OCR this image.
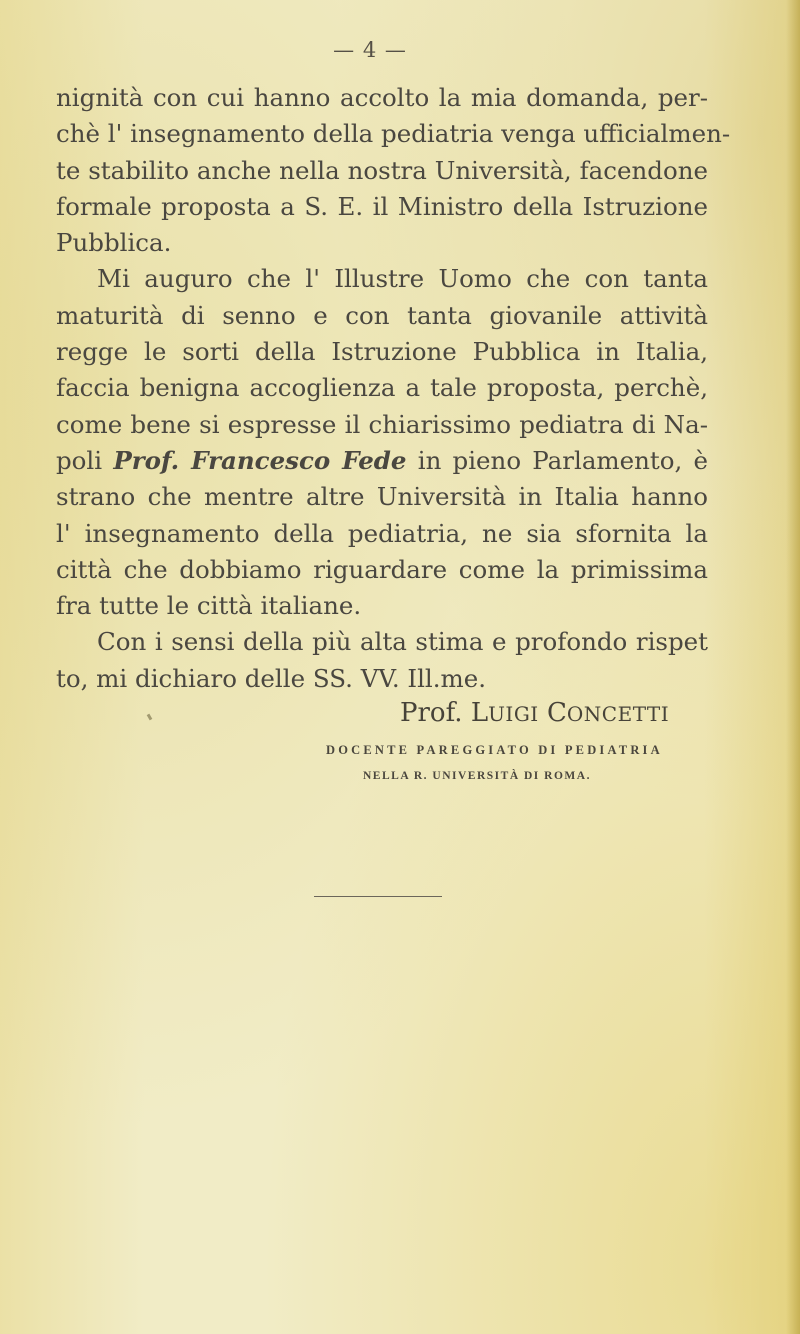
— 4 —
nignità con cui hanno accolto la mia domanda, per-
chè l' insegnamento della pediatria venga ufficialmen-
te stabilito anche nella nostra Università, facendone
formale proposta a S. E. il Ministro della Istruzione
Pubblica.
Mi auguro che l' Illustre Uomo che con tanta
maturità di senno e con tanta giovanile attività
regge le sorti della Istruzione Pubblica in Italia,
faccia benigna accoglienza a tale proposta, perchè,
come bene si espresse il chiarissimo pediatra di Na-
poli Prof. Francesco Fede in pieno Parlamento, è
strano che mentre altre Università in Italia hanno
l' insegnamento della pediatria, ne sia sfornita la
città che dobbiamo riguardare come la primissima
fra tutte le città italiane.
Con i sensi della più alta stima e profondo rispet
to, mi dichiaro delle SS. VV. Ill.me.
Prof. LUIGI CONCETTI
DOCENTE PAREGGIATO DI PEDIATRIA
NELLA R. UNIVERSITÀ DI ROMA.
